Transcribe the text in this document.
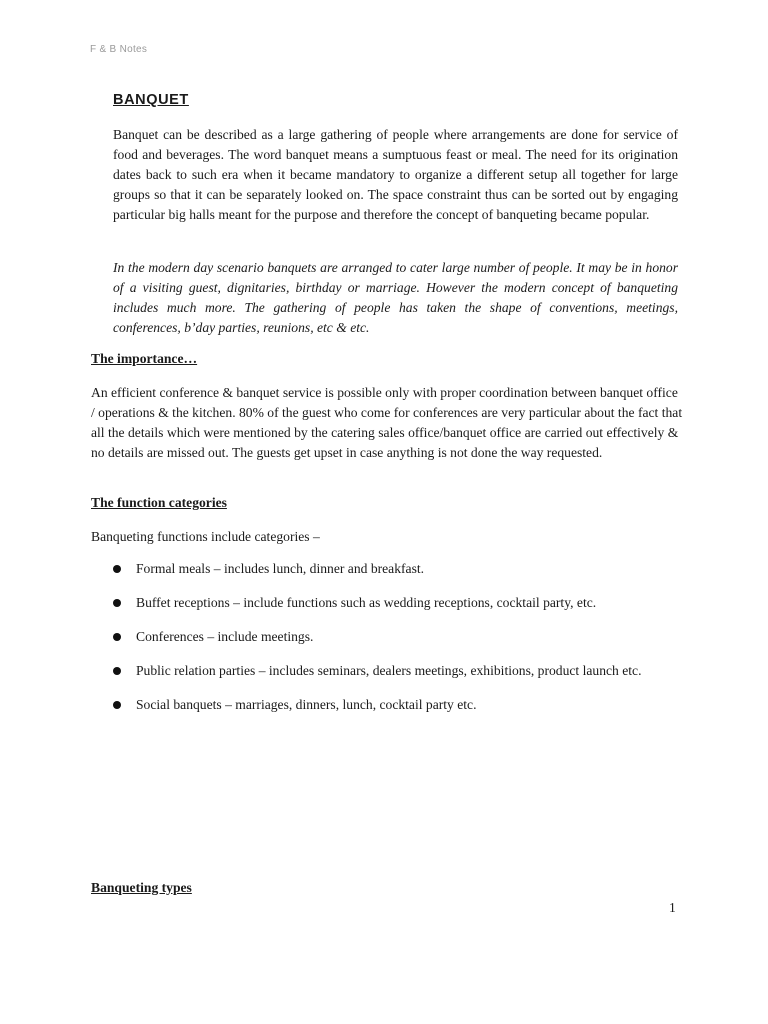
F & B Notes
BANQUET

Banquet can be described as a large gathering of people where arrangements are done for service of food and beverages. The word banquet means a sumptuous feast or meal. The need for its origination dates back to such era when it became mandatory to organize a different setup all together for large groups so that it can be separately looked on. The space constraint thus can be sorted out by engaging particular big halls meant for the purpose and therefore the concept of banqueting became popular.

In the modern day scenario banquets are arranged to cater large number of people. It may be in honor of a visiting guest, dignitaries, birthday or marriage. However the modern concept of banqueting includes much more. The gathering of people has taken the shape of conventions, meetings, conferences, b’day parties, reunions, etc & etc.

The importance…

An efficient conference & banquet service is possible only with proper coordination between banquet office / operations & the kitchen. 80% of the guest who come for conferences are very particular about the fact that all the details which were mentioned by the catering sales office/banquet office are carried out effectively & no details are missed out. The guests get upset in case anything is not done the way requested.

The function categories

Banqueting functions include categories –

Formal meals – includes lunch, dinner and breakfast.
Buffet receptions – include functions such as wedding receptions, cocktail party, etc.
Conferences – include meetings.
Public relation parties – includes seminars, dealers meetings, exhibitions, product launch etc.
Social banquets – marriages, dinners, lunch, cocktail party etc.

Banqueting types

1
